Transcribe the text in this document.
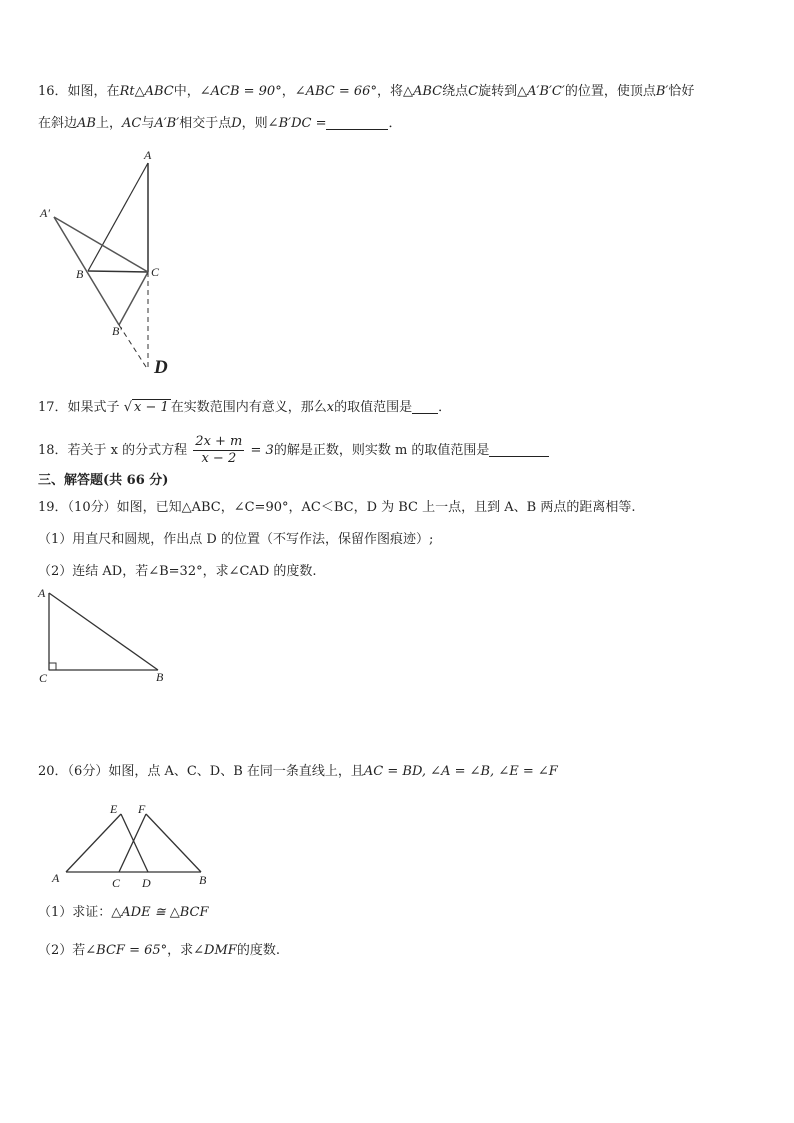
16．如图，在Rt△ABC中，∠ACB = 90°，∠ABC = 66°，将△ABC绕点C旋转到△A′B′C′的位置，使顶点B′恰好
在斜边AB上，AC与A′B′相交于点D，则∠B′DC =	．
A
A′
B	C
B′
D
17．如果式子 √ x − 1 在实数范围内有意义，那么x的取值范围是 ．
18．若关于 x 的分式方程 $\frac{2x + m}{x - 2} = 3$的解是正数，则实数 m 的取值范围是
三、解答题(共 66 分)
19．（10分）如图，已知△ABC，∠C=90°，AC＜BC，D 为 BC 上一点，且到 A、B 两点的距离相等.
（1）用直尺和圆规，作出点 D 的位置（不写作法，保留作图痕迹）;
（2）连结 AD，若∠B=32°，求∠CAD 的度数.
A
C	B
20．（6分）如图，点 A、C、D、B 在同一条直线上，且AC = BD, ∠A = ∠B, ∠E = ∠F
E F
A	C D	B
（1）求证：△ADE ≅ △BCF
（2）若∠BCF = 65°，求∠DMF的度数.
